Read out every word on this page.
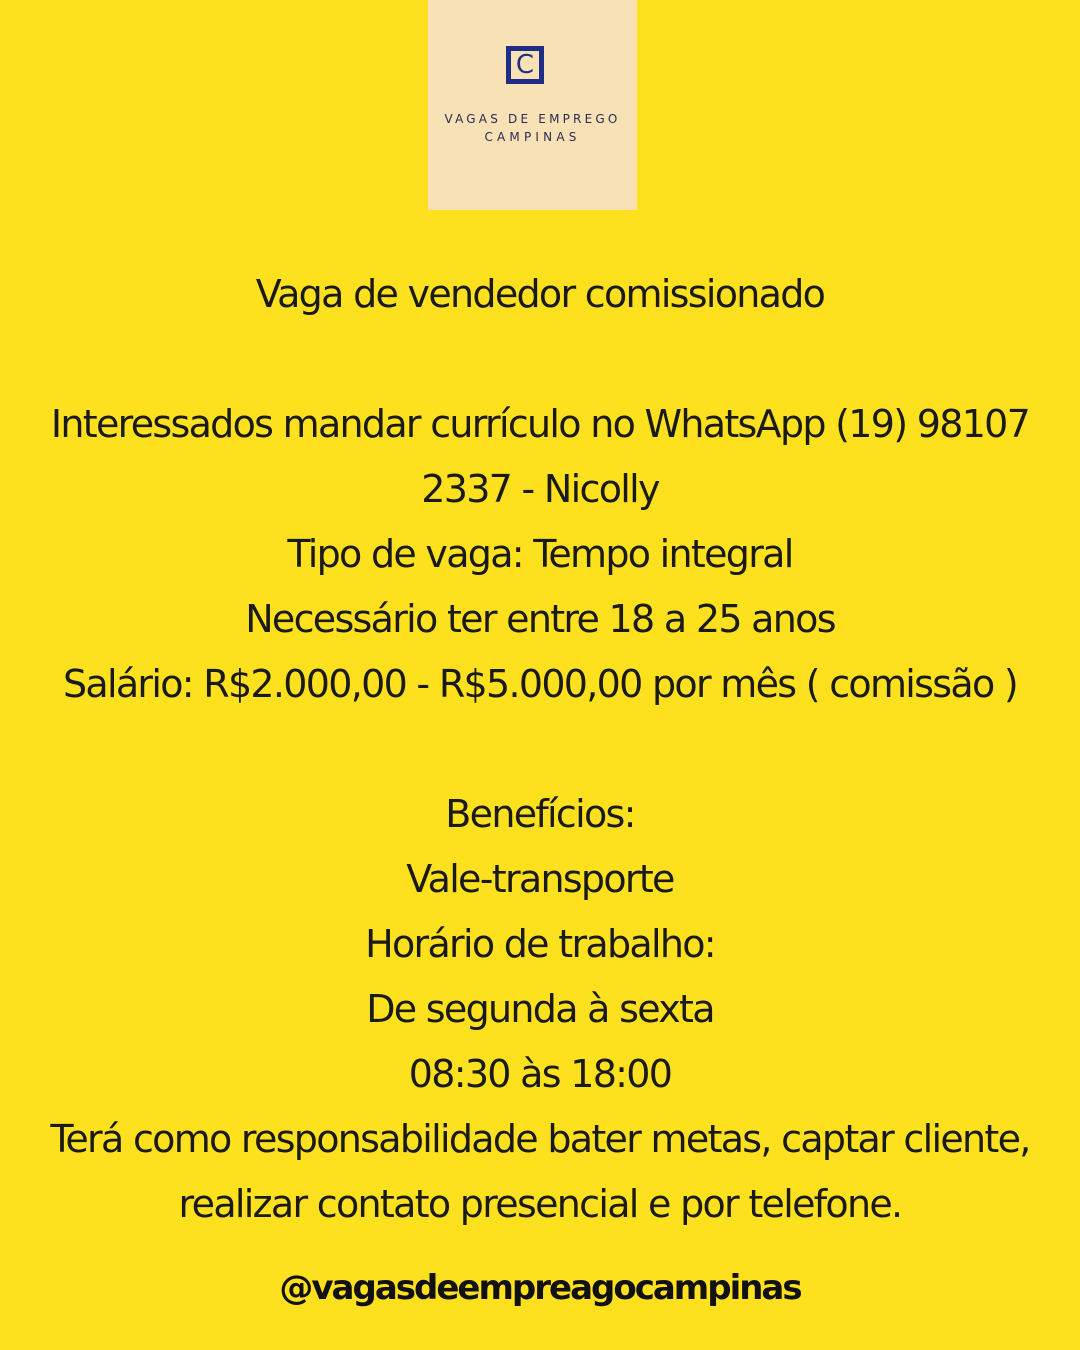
C
VAGAS DE EMPREGO
CAMPINAS
Vaga de vendedor comissionado
Interessados mandar currículo no WhatsApp (19) 98107
2337 - Nicolly
Tipo de vaga: Tempo integral
Necessário ter entre 18 a 25 anos
Salário: R$2.000,00 - R$5.000,00 por mês ( comissão )
Benefícios:
Vale-transporte
Horário de trabalho:
De segunda à sexta
08:30 às 18:00
Terá como responsabilidade bater metas, captar cliente,
realizar contato presencial e por telefone.
@vagasdeempreagocampinas
